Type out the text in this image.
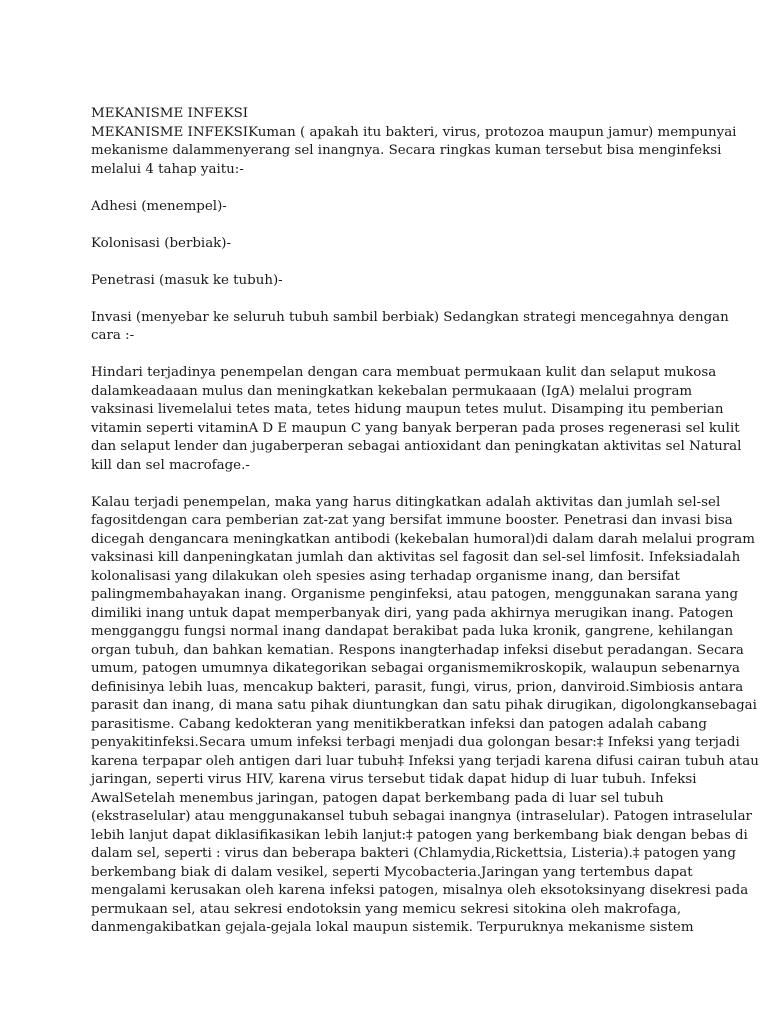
MEKANISME INFEKSI
MEKANISME INFEKSIKuman ( apakah itu bakteri, virus, protozoa maupun jamur) mempunyai
mekanisme dalammenyerang sel inangnya. Secara ringkas kuman tersebut bisa menginfeksi
melalui 4 tahap yaitu:-
Adhesi (menempel)-
Kolonisasi (berbiak)-
Penetrasi (masuk ke tubuh)-
Invasi (menyebar ke seluruh tubuh sambil berbiak) Sedangkan strategi mencegahnya dengan
cara :-
Hindari terjadinya penempelan dengan cara membuat permukaan kulit dan selaput mukosa
dalamkeadaaan mulus dan meningkatkan kekebalan permukaaan (IgA) melalui program
vaksinasi livemelalui tetes mata, tetes hidung maupun tetes mulut. Disamping itu pemberian
vitamin seperti vitaminA D E maupun C yang banyak berperan pada proses regenerasi sel kulit
dan selaput lender dan jugaberperan sebagai antioxidant dan peningkatan aktivitas sel Natural
kill dan sel macrofage.-
Kalau terjadi penempelan, maka yang harus ditingkatkan adalah aktivitas dan jumlah sel-sel
fagositdengan cara pemberian zat-zat yang bersifat immune booster. Penetrasi dan invasi bisa
dicegah dengancara meningkatkan antibodi (kekebalan humoral)di dalam darah melalui program
vaksinasi kill danpeningkatan jumlah dan aktivitas sel fagosit dan sel-sel limfosit. Infeksiadalah
kolonalisasi yang dilakukan oleh spesies asing terhadap organisme inang, dan bersifat
palingmembahayakan inang. Organisme penginfeksi, atau patogen, menggunakan sarana yang
dimiliki inang untuk dapat memperbanyak diri, yang pada akhirnya merugikan inang. Patogen
mengganggu fungsi normal inang dandapat berakibat pada luka kronik, gangrene, kehilangan
organ tubuh, dan bahkan kematian. Respons inangterhadap infeksi disebut peradangan. Secara
umum, patogen umumnya dikategorikan sebagai organismemikroskopik, walaupun sebenarnya
definisinya lebih luas, mencakup bakteri, parasit, fungi, virus, prion, danviroid.Simbiosis antara
parasit dan inang, di mana satu pihak diuntungkan dan satu pihak dirugikan, digolongkansebagai
parasitisme. Cabang kedokteran yang menitikberatkan infeksi dan patogen adalah cabang
penyakitinfeksi.Secara umum infeksi terbagi menjadi dua golongan besar:‡ Infeksi yang terjadi
karena terpapar oleh antigen dari luar tubuh‡ Infeksi yang terjadi karena difusi cairan tubuh atau
jaringan, seperti virus HIV, karena virus tersebut tidak dapat hidup di luar tubuh. Infeksi
AwalSetelah menembus jaringan, patogen dapat berkembang pada di luar sel tubuh
(ekstraselular) atau menggunakansel tubuh sebagai inangnya (intraselular). Patogen intraselular
lebih lanjut dapat diklasifikasikan lebih lanjut:‡ patogen yang berkembang biak dengan bebas di
dalam sel, seperti : virus dan beberapa bakteri (Chlamydia,Rickettsia, Listeria).‡ patogen yang
berkembang biak di dalam vesikel, seperti Mycobacteria.Jaringan yang tertembus dapat
mengalami kerusakan oleh karena infeksi patogen, misalnya oleh eksotoksinyang disekresi pada
permukaan sel, atau sekresi endotoksin yang memicu sekresi sitokina oleh makrofaga,
danmengakibatkan gejala-gejala lokal maupun sistemik. Terpuruknya mekanisme sistem
